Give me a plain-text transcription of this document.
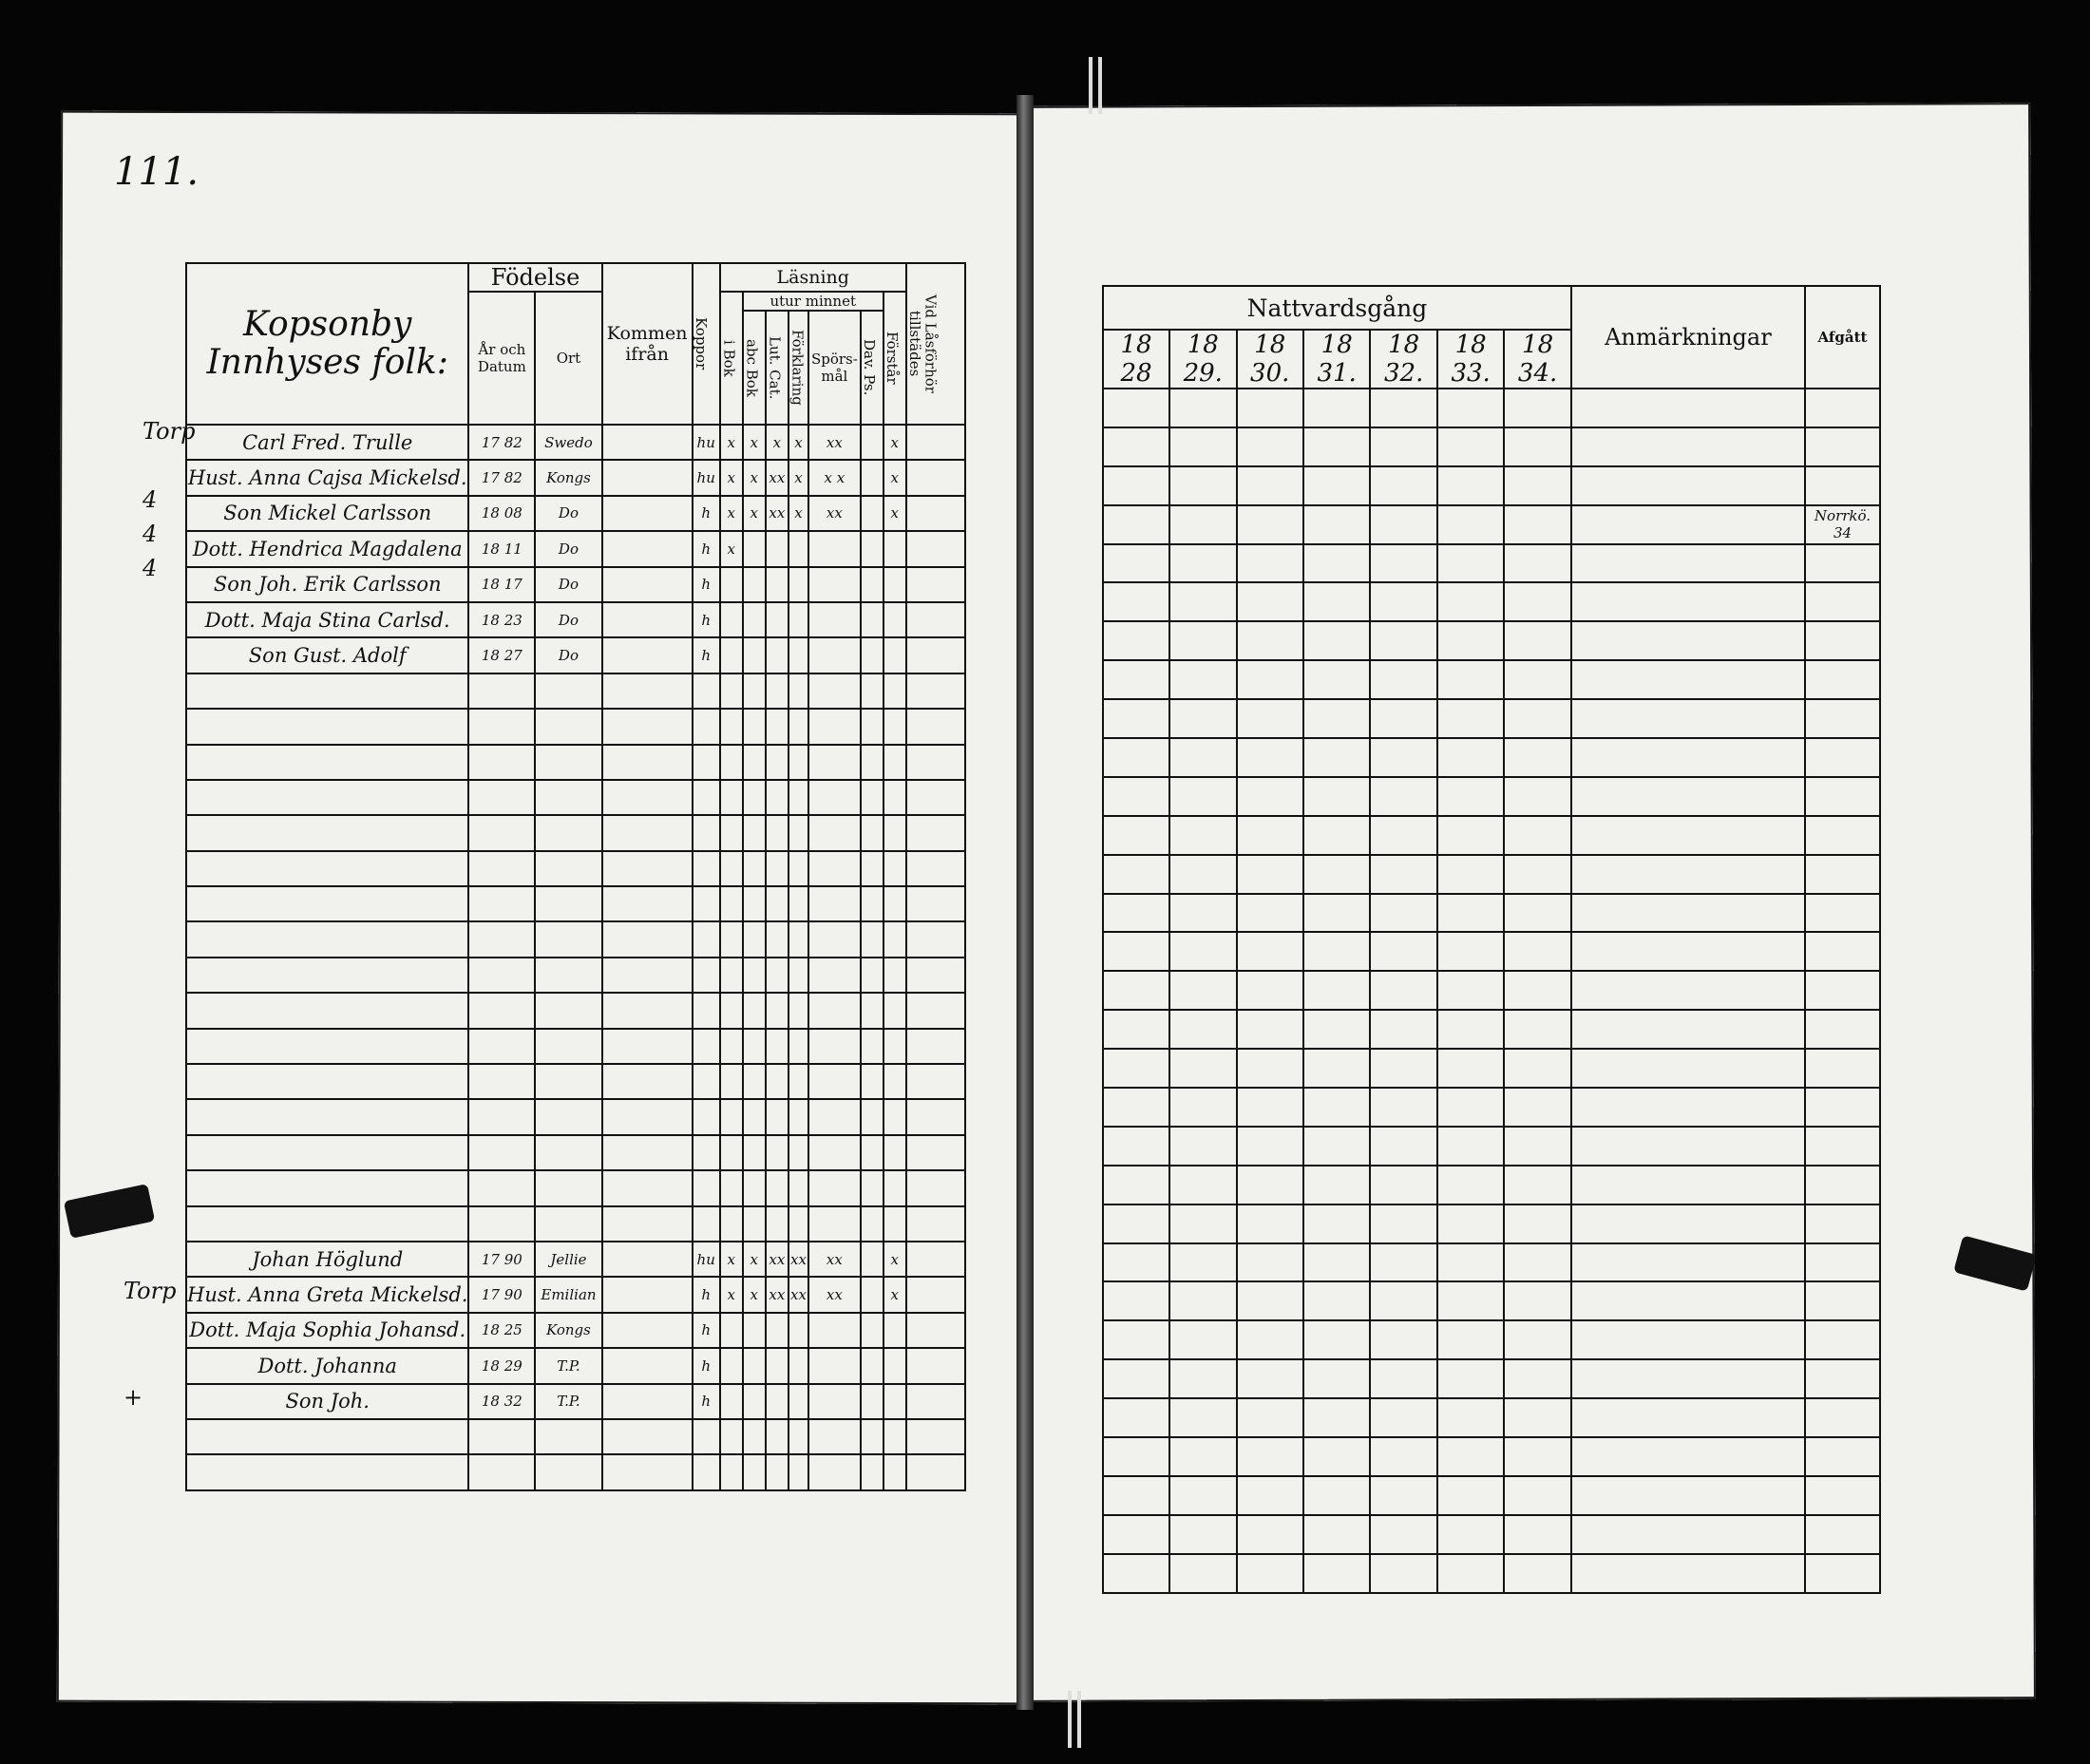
111.
Kopsonby
Innhyses folk:	Födelse		Kommen ifrån	Koppor	Läsning							Vid Låsförhör tillstädes

	År och Datum	Ort			i Bok	utur minnet					Förstår	

						abc Bok	Lut. Cat.	Förklaring	Spörs-mål	Dav. Ps.		

Carl Fred. Trulle	17 82	Swedo		hu	x	x	x	x	xx		x	
Hust. Anna Cajsa Mickelsd.	17 82	Kongs		hu	x	x	xx	x	x x		x	
Son Mickel Carlsson	18 08	Do		h	x	x	xx	x	xx		x	
Dott. Hendrica Magdalena	18 11	Do		h	x							
Son Joh. Erik Carlsson	18 17	Do		h								
Dott. Maja Stina Carlsd.	18 23	Do		h								
Son Gust. Adolf	18 27	Do		h								

Johan Höglund	17 90	Jellie		hu	x	x	xx	xx	xx		x	
Hust. Anna Greta Mickelsd.	17 90	Emilian		h	x	x	xx	xx	xx		x	
Dott. Maja Sophia Johansd.	18 25	Kongs		h								
Dott. Johanna	18 29	T.P.		h								
Son Joh.	18 32	T.P.		h								

Nattvardsgång							Anmärkningar	Afgått
18 28	18 29.	18 30.	18 31.	18 32.	18 33.	18 34.		

								Norrkö. 34

Torp
4
4
4
Torp
+
